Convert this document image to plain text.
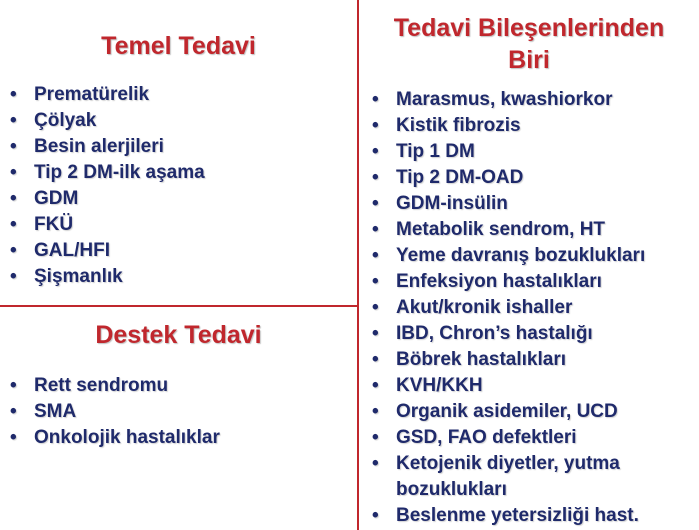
Temel Tedavi
• Prematürelik
• Çölyak
• Besin alerjileri
• Tip 2 DM-ilk aşama
• GDM
• FKÜ
• GAL/HFI
• Şişmanlık
Destek Tedavi
• Rett sendromu
• SMA
• Onkolojik hastalıklar
Tedavi Bileşenlerinden
Biri
• Marasmus, kwashiorkor
• Kistik fibrozis
• Tip 1 DM
• Tip 2 DM-OAD
• GDM-insülin
• Metabolik sendrom, HT
• Yeme davranış bozuklukları
• Enfeksiyon hastalıkları
• Akut/kronik ishaller
• IBD, Chron’s hastalığı
• Böbrek hastalıkları
• KVH/KKH
• Organik asidemiler, UCD
• GSD, FAO defektleri
• Ketojenik diyetler, yutma bozuklukları
• Beslenme yetersizliği hast.
